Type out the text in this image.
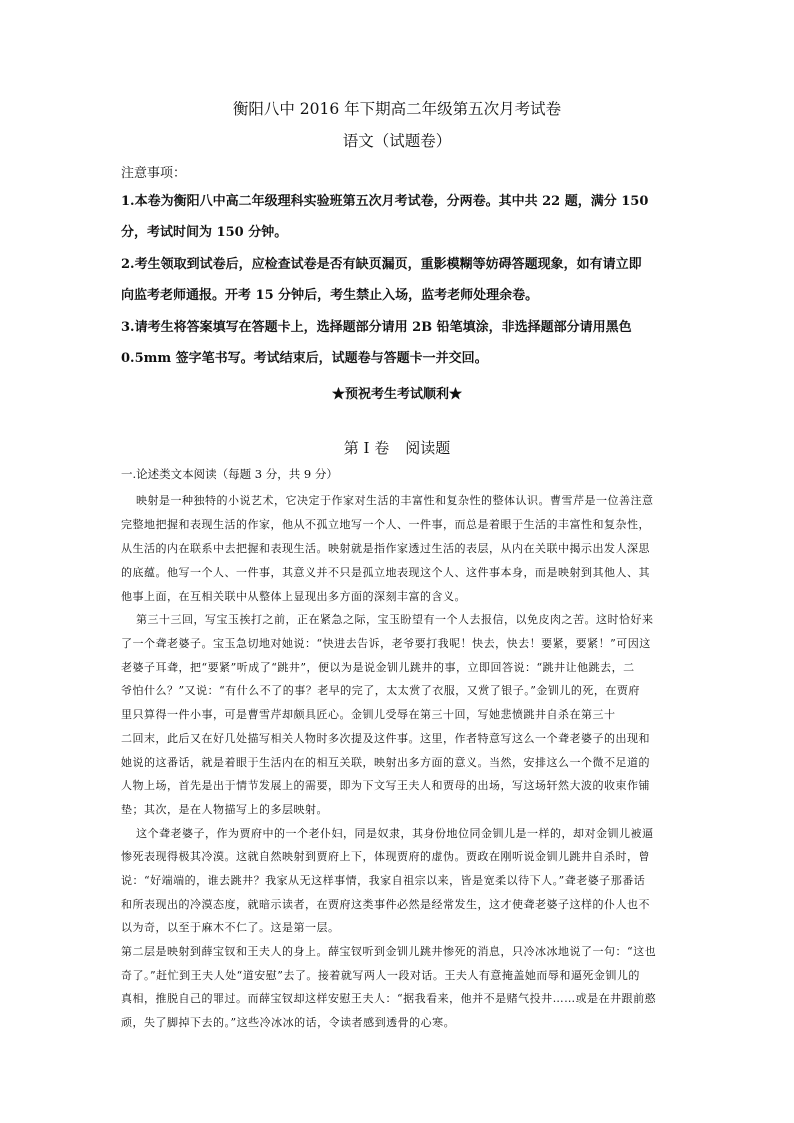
衡阳八中 2016 年下期高二年级第五次月考试卷
语文（试题卷）
注意事项：
1.本卷为衡阳八中高二年级理科实验班第五次月考试卷，分两卷。其中共 22 题，满分 150
分，考试时间为 150 分钟。
2.考生领取到试卷后，应检查试卷是否有缺页漏页，重影模糊等妨碍答题现象，如有请立即
向监考老师通报。开考 15 分钟后，考生禁止入场，监考老师处理余卷。
3.请考生将答案填写在答题卡上，选择题部分请用 2B 铅笔填涂，非选择题部分请用黑色
0.5mm 签字笔书写。考试结束后，试题卷与答题卡一并交回。
★预祝考生考试顺利★
第 I 卷 阅读题
一.论述类文本阅读（每题 3 分，共 9 分）
映射是一种独特的小说艺术，它决定于作家对生活的丰富性和复杂性的整体认识。曹雪芹是一位善注意
完整地把握和表现生活的作家，他从不孤立地写一个人、一件事，而总是着眼于生活的丰富性和复杂性，
从生活的内在联系中去把握和表现生活。映射就是指作家透过生活的表层，从内在关联中揭示出发人深思
的底蕴。他写一个人、一件事，其意义并不只是孤立地表现这个人、这件事本身，而是映射到其他人、其
他事上面，在互相关联中从整体上显现出多方面的深刻丰富的含义。
第三十三回，写宝玉挨打之前，正在紧急之际，宝玉盼望有一个人去报信，以免皮肉之苦。这时恰好来
了一个聋老婆子。宝玉急切地对她说：“快进去告诉，老爷要打我呢！快去，快去！要紧，要紧！”可因这
老婆子耳聋，把“要紧”听成了“跳井”，便以为是说金钏儿跳井的事，立即回答说：“跳井让他跳去，二
爷怕什么？”又说：“有什么不了的事？老早的完了，太太赏了衣服，又赏了银子。”金钏儿的死，在贾府
里只算得一件小事，可是曹雪芹却颇具匠心。金钏儿受辱在第三十回，写她悲愤跳井自杀在第三十
二回末，此后又在好几处描写相关人物时多次提及这件事。这里，作者特意写这么一个聋老婆子的出现和
她说的这番话，就是着眼于生活内在的相互关联，映射出多方面的意义。当然，安排这么一个微不足道的
人物上场，首先是出于情节发展上的需要，即为下文写王夫人和贾母的出场，写这场轩然大波的收束作铺
垫；其次，是在人物描写上的多层映射。
这个聋老婆子，作为贾府中的一个老仆妇，同是奴隶，其身份地位同金钏儿是一样的，却对金钏儿被逼
惨死表现得极其冷漠。这就自然映射到贾府上下，体现贾府的虚伪。贾政在刚听说金钏儿跳井自杀时，曾
说：“好端端的，谁去跳井？我家从无这样事情，我家自祖宗以来，皆是宽柔以待下人。”聋老婆子那番话
和所表现出的冷漠态度，就暗示读者，在贾府这类事件必然是经常发生，这才使聋老婆子这样的仆人也不
以为奇，以至于麻木不仁了。这是第一层。
第二层是映射到薛宝钗和王夫人的身上。薛宝钗听到金钏儿跳井惨死的消息，只冷冰冰地说了一句：“这也
奇了。”赶忙到王夫人处“道安慰”去了。接着就写两人一段对话。王夫人有意掩盖她而辱和逼死金钏儿的
真相，推脱自己的罪过。而薛宝钗却这样安慰王夫人：“据我看来，他并不是赌气投井……或是在井跟前憨
顽，失了脚掉下去的。”这些冷冰冰的话，令读者感到透骨的心寒。
